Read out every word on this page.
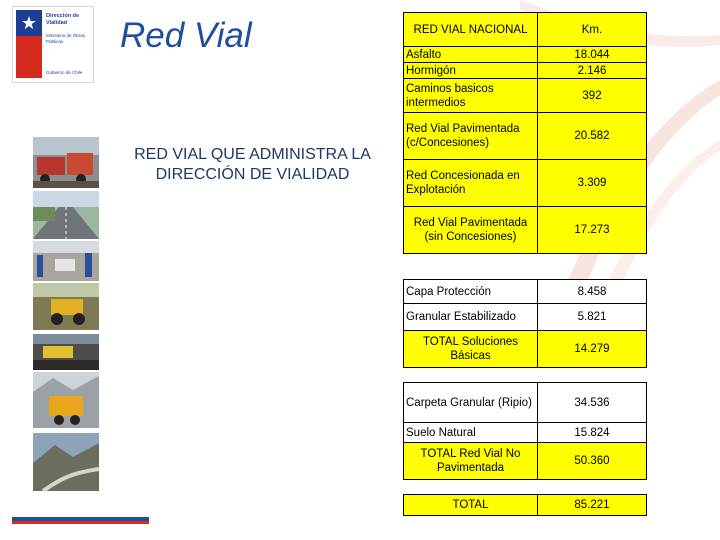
★ Dirección de Vialidad
Ministerio de Obras Públicas
Gobierno de Chile
Red Vial
RED VIAL QUE ADMINISTRA LA DIRECCIÓN DE VIALIDAD
RED VIAL NACIONAL	Km.
Asfalto	18.044
Hormigón	2.146
Caminos basicos intermedios	392
Red Vial Pavimentada (c/Concesiones)	20.582
Red Concesionada en Explotación	3.309
Red Vial Pavimentada (sin Concesiones)	17.273
Capa Protección	8.458
Granular Estabilizado	5.821
TOTAL Soluciones Básicas	14.279
Carpeta Granular (Ripio)	34.536
Suelo Natural	15.824
TOTAL Red Vial No Pavimentada	50.360
TOTAL	85.221
